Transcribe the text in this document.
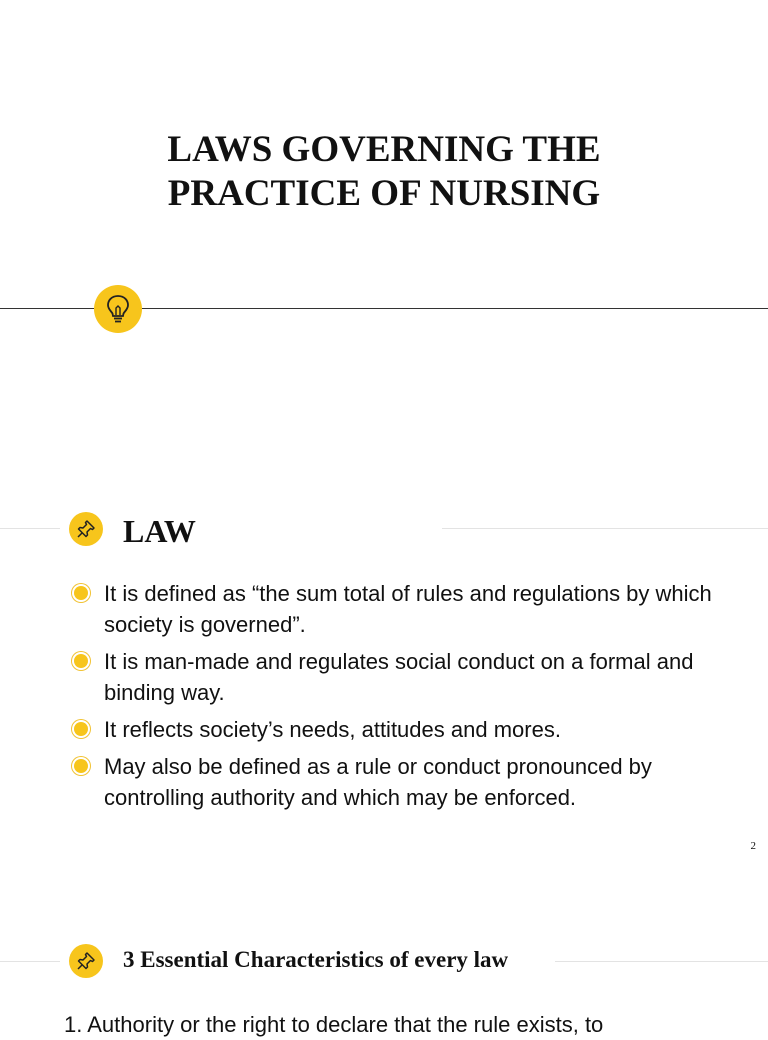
LAWS GOVERNING THE
PRACTICE OF NURSING
LAW
It is defined as “the sum total of rules and regulations by which society is governed”.
It is man-made and regulates social conduct on a formal and binding way.
It reflects society’s needs, attitudes and mores.
May also be defined as a rule or conduct pronounced by controlling authority and which may be enforced.
2
3 Essential Characteristics of every law

1. Authority or the right to declare that the rule exists, to
